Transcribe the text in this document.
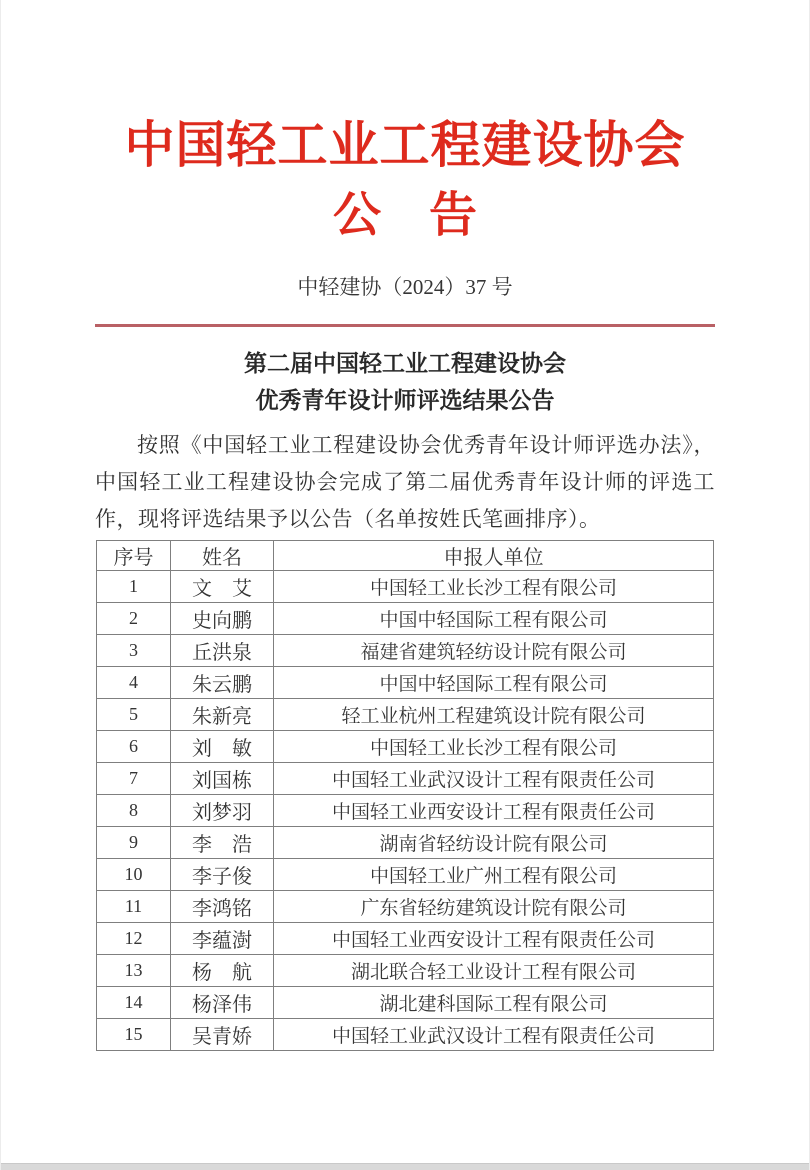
中国轻工业工程建设协会
公　告
中轻建协（2024）37 号
第二届中国轻工业工程建设协会
优秀青年设计师评选结果公告

按照《中国轻工业工程建设协会优秀青年设计师评选办法》，中国轻工业工程建设协会完成了第二届优秀青年设计师的评选工作，现将评选结果予以公告（名单按姓氏笔画排序）。

序号	姓名	申报人单位
1	文　艾	中国轻工业长沙工程有限公司
2	史向鹏	中国中轻国际工程有限公司
3	丘洪泉	福建省建筑轻纺设计院有限公司
4	朱云鹏	中国中轻国际工程有限公司
5	朱新亮	轻工业杭州工程建筑设计院有限公司
6	刘　敏	中国轻工业长沙工程有限公司
7	刘国栋	中国轻工业武汉设计工程有限责任公司
8	刘梦羽	中国轻工业西安设计工程有限责任公司
9	李　浩	湖南省轻纺设计院有限公司
10	李子俊	中国轻工业广州工程有限公司
11	李鸿铭	广东省轻纺建筑设计院有限公司
12	李蕴澍	中国轻工业西安设计工程有限责任公司
13	杨　航	湖北联合轻工业设计工程有限公司
14	杨泽伟	湖北建科国际工程有限公司
15	吴青娇	中国轻工业武汉设计工程有限责任公司
